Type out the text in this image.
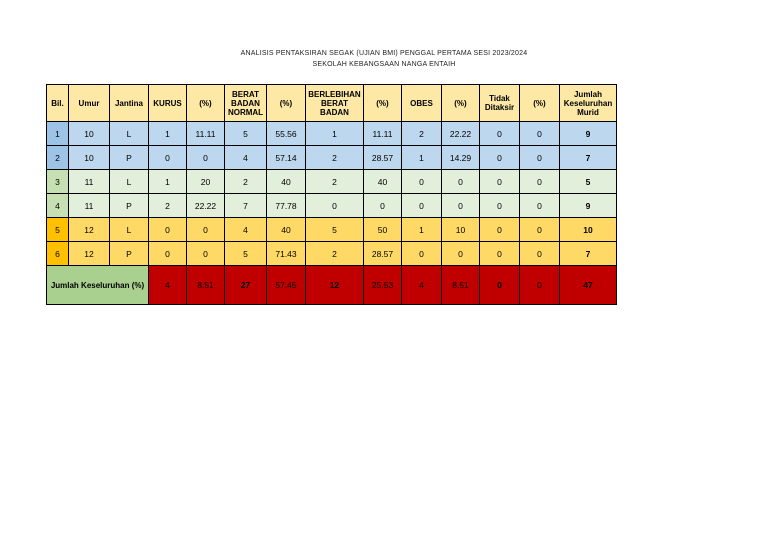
ANALISIS PENTAKSIRAN SEGAK (UJIAN BMI) PENGGAL PERTAMA SESI 2023/2024
SEKOLAH KEBANGSAAN NANGA ENTAIH
Bil.	Umur	Jantina	KURUS	(%)	BERAT BADAN NORMAL	(%)	BERLEBIHAN BERAT BADAN	(%)	OBES	(%)	Tidak Ditaksir	(%)	Jumlah Keseluruhan Murid
1	10	L	1	11.11	5	55.56	1	11.11	2	22.22	0	0	9
2	10	P	0	0	4	57.14	2	28.57	1	14.29	0	0	7
3	11	L	1	20	2	40	2	40	0	0	0	0	5
4	11	P	2	22.22	7	77.78	0	0	0	0	0	0	9
5	12	L	0	0	4	40	5	50	1	10	0	0	10
6	12	P	0	0	5	71.43	2	28.57	0	0	0	0	7
Jumlah Keseluruhan (%)			4	8.51	27	57.45	12	25.53	4	8.51	0	0	47
